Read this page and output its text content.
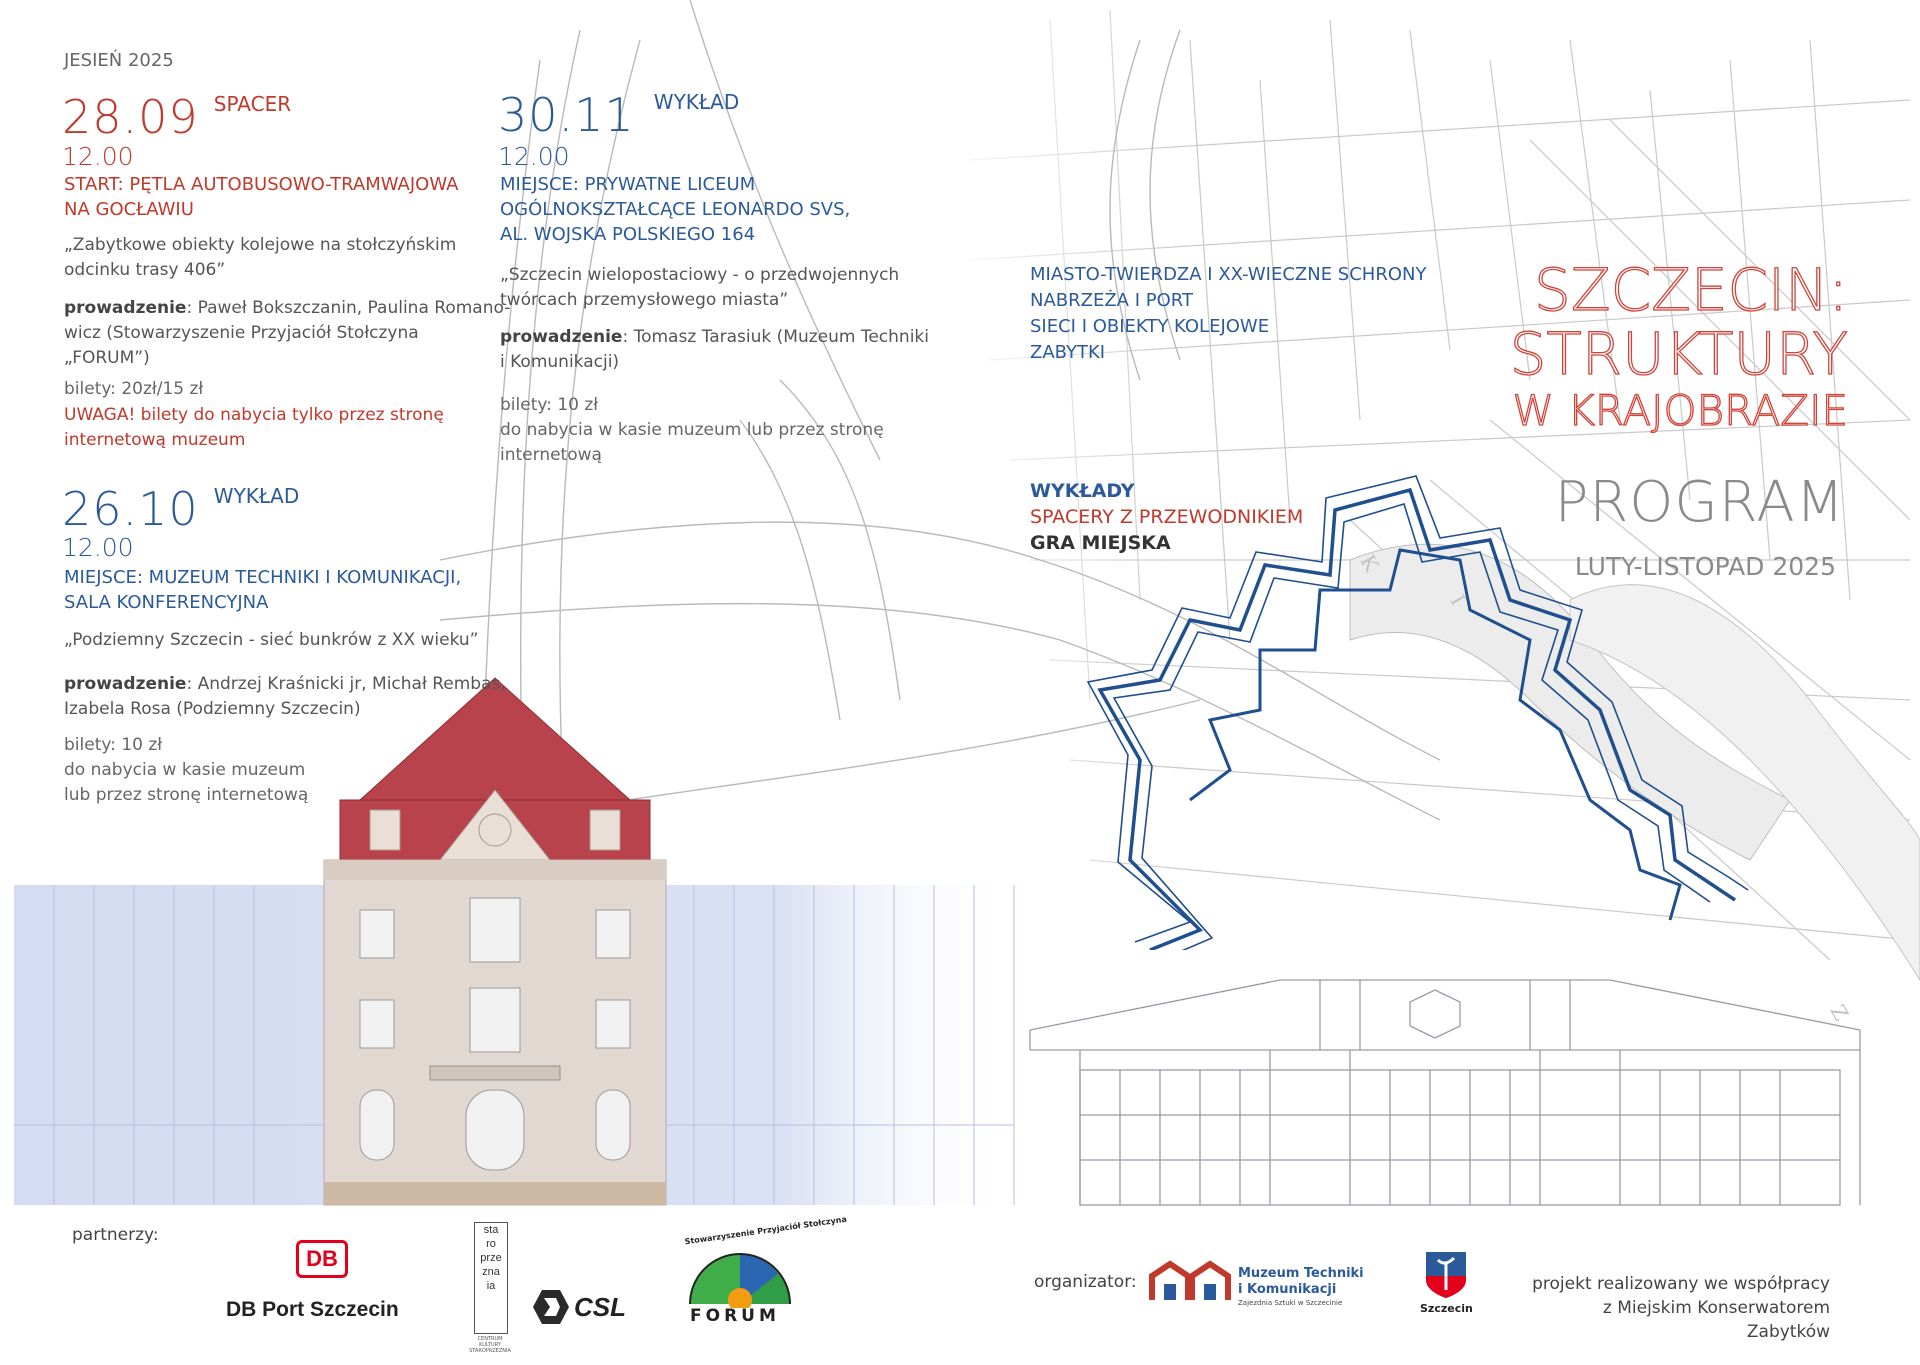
JESIEŃ 2025
28.09 SPACER
12.00
START: PĘTLA AUTOBUSOWO-TRAMWAJOWA
NA GOCŁAWIU
„Zabytkowe obiekty kolejowe na stołczyńskim
odcinku trasy 406”
prowadzenie: Paweł Bokszczanin, Paulina Romano-
wicz (Stowarzyszenie Przyjaciół Stołczyna
„FORUM”)
bilety: 20zł/15 zł
UWAGA! bilety do nabycia tylko przez stronę
internetową muzeum
26.10 WYKŁAD
12.00
MIEJSCE: MUZEUM TECHNIKI I KOMUNIKACJI,
SALA KONFERENCYJNA
„Podziemny Szczecin - sieć bunkrów z XX wieku”
prowadzenie: Andrzej Kraśnicki jr, Michał Rembas,
Izabela Rosa (Podziemny Szczecin)
bilety: 10 zł
do nabycia w kasie muzeum
lub przez stronę internetową
30.11 WYKŁAD
12.00
MIEJSCE: PRYWATNE LICEUM
OGÓLNOKSZTAŁCĄCE LEONARDO SVS,
AL. WOJSKA POLSKIEGO 164
„Szczecin wielopostaciowy - o przedwojennych
twórcach przemysłowego miasta”
prowadzenie: Tomasz Tarasiuk (Muzeum Techniki
i Komunikacji)
bilety: 10 zł
do nabycia w kasie muzeum lub przez stronę
internetową
MIASTO-TWIERDZA I XX-WIECZNE SCHRONY
NABRZEŻA I PORT
SIECI I OBIEKTY KOLEJOWE
ZABYTKI
WYKŁADY
SPACERY Z PRZEWODNIKIEM
GRA MIEJSKA
SZCZECIN:
STRUKTURY
W KRAJOBRAZIE
PROGRAM
LUTY-LISTOPAD 2025
partnerzy:
DB
DB Port Szczecin
sta
ro
prze
zna
ia
CENTRUM
KULTURY
STAROPRZEZNIA
CSL
Stowarzyszenie Przyjaciół Stołczyna
FORUM
organizator:	Muzeum Techniki
i Komunikacji
Zajezdnia Sztuki w Szczecinie	Szczecin
projekt realizowany we współpracy
z Miejskim Konserwatorem Zabytków
